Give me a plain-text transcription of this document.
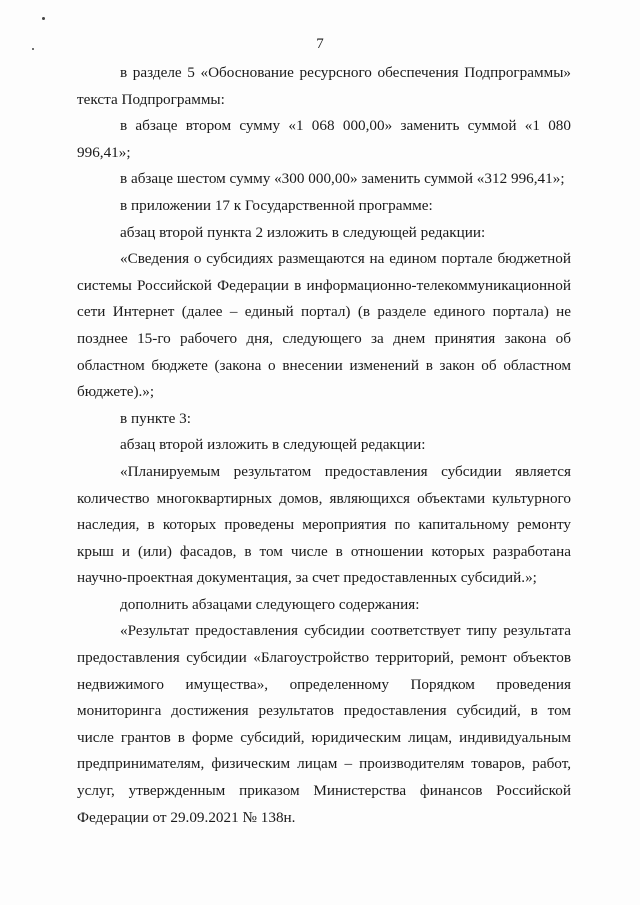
7

в разделе 5 «Обоснование ресурсного обеспечения Подпрограммы» текста Подпрограммы:

в абзаце втором сумму «1 068 000,00» заменить суммой «1 080 996,41»;

в абзаце шестом сумму «300 000,00» заменить суммой «312 996,41»;

в приложении 17 к Государственной программе:

абзац второй пункта 2 изложить в следующей редакции:

«Сведения о субсидиях размещаются на едином портале бюджетной системы Российской Федерации в информационно-телекоммуникационной сети Интернет (далее – единый портал) (в разделе единого портала) не позднее 15-го рабочего дня, следующего за днем принятия закона об областном бюджете (закона о внесении изменений в закон об областном бюджете).»;

в пункте 3:

абзац второй изложить в следующей редакции:

«Планируемым результатом предоставления субсидии является количество многоквартирных домов, являющихся объектами культурного наследия, в которых проведены мероприятия по капитальному ремонту крыш и (или) фасадов, в том числе в отношении которых разработана научно-проектная документация, за счет предоставленных субсидий.»;

дополнить абзацами следующего содержания:

«Результат предоставления субсидии соответствует типу результата предоставления субсидии «Благоустройство территорий, ремонт объектов недвижимого имущества», определенному Порядком проведения мониторинга достижения результатов предоставления субсидий, в том числе грантов в форме субсидий, юридическим лицам, индивидуальным предпринимателям, физическим лицам – производителям товаров, работ, услуг, утвержденным приказом Министерства финансов Российской Федерации от 29.09.2021 № 138н.
